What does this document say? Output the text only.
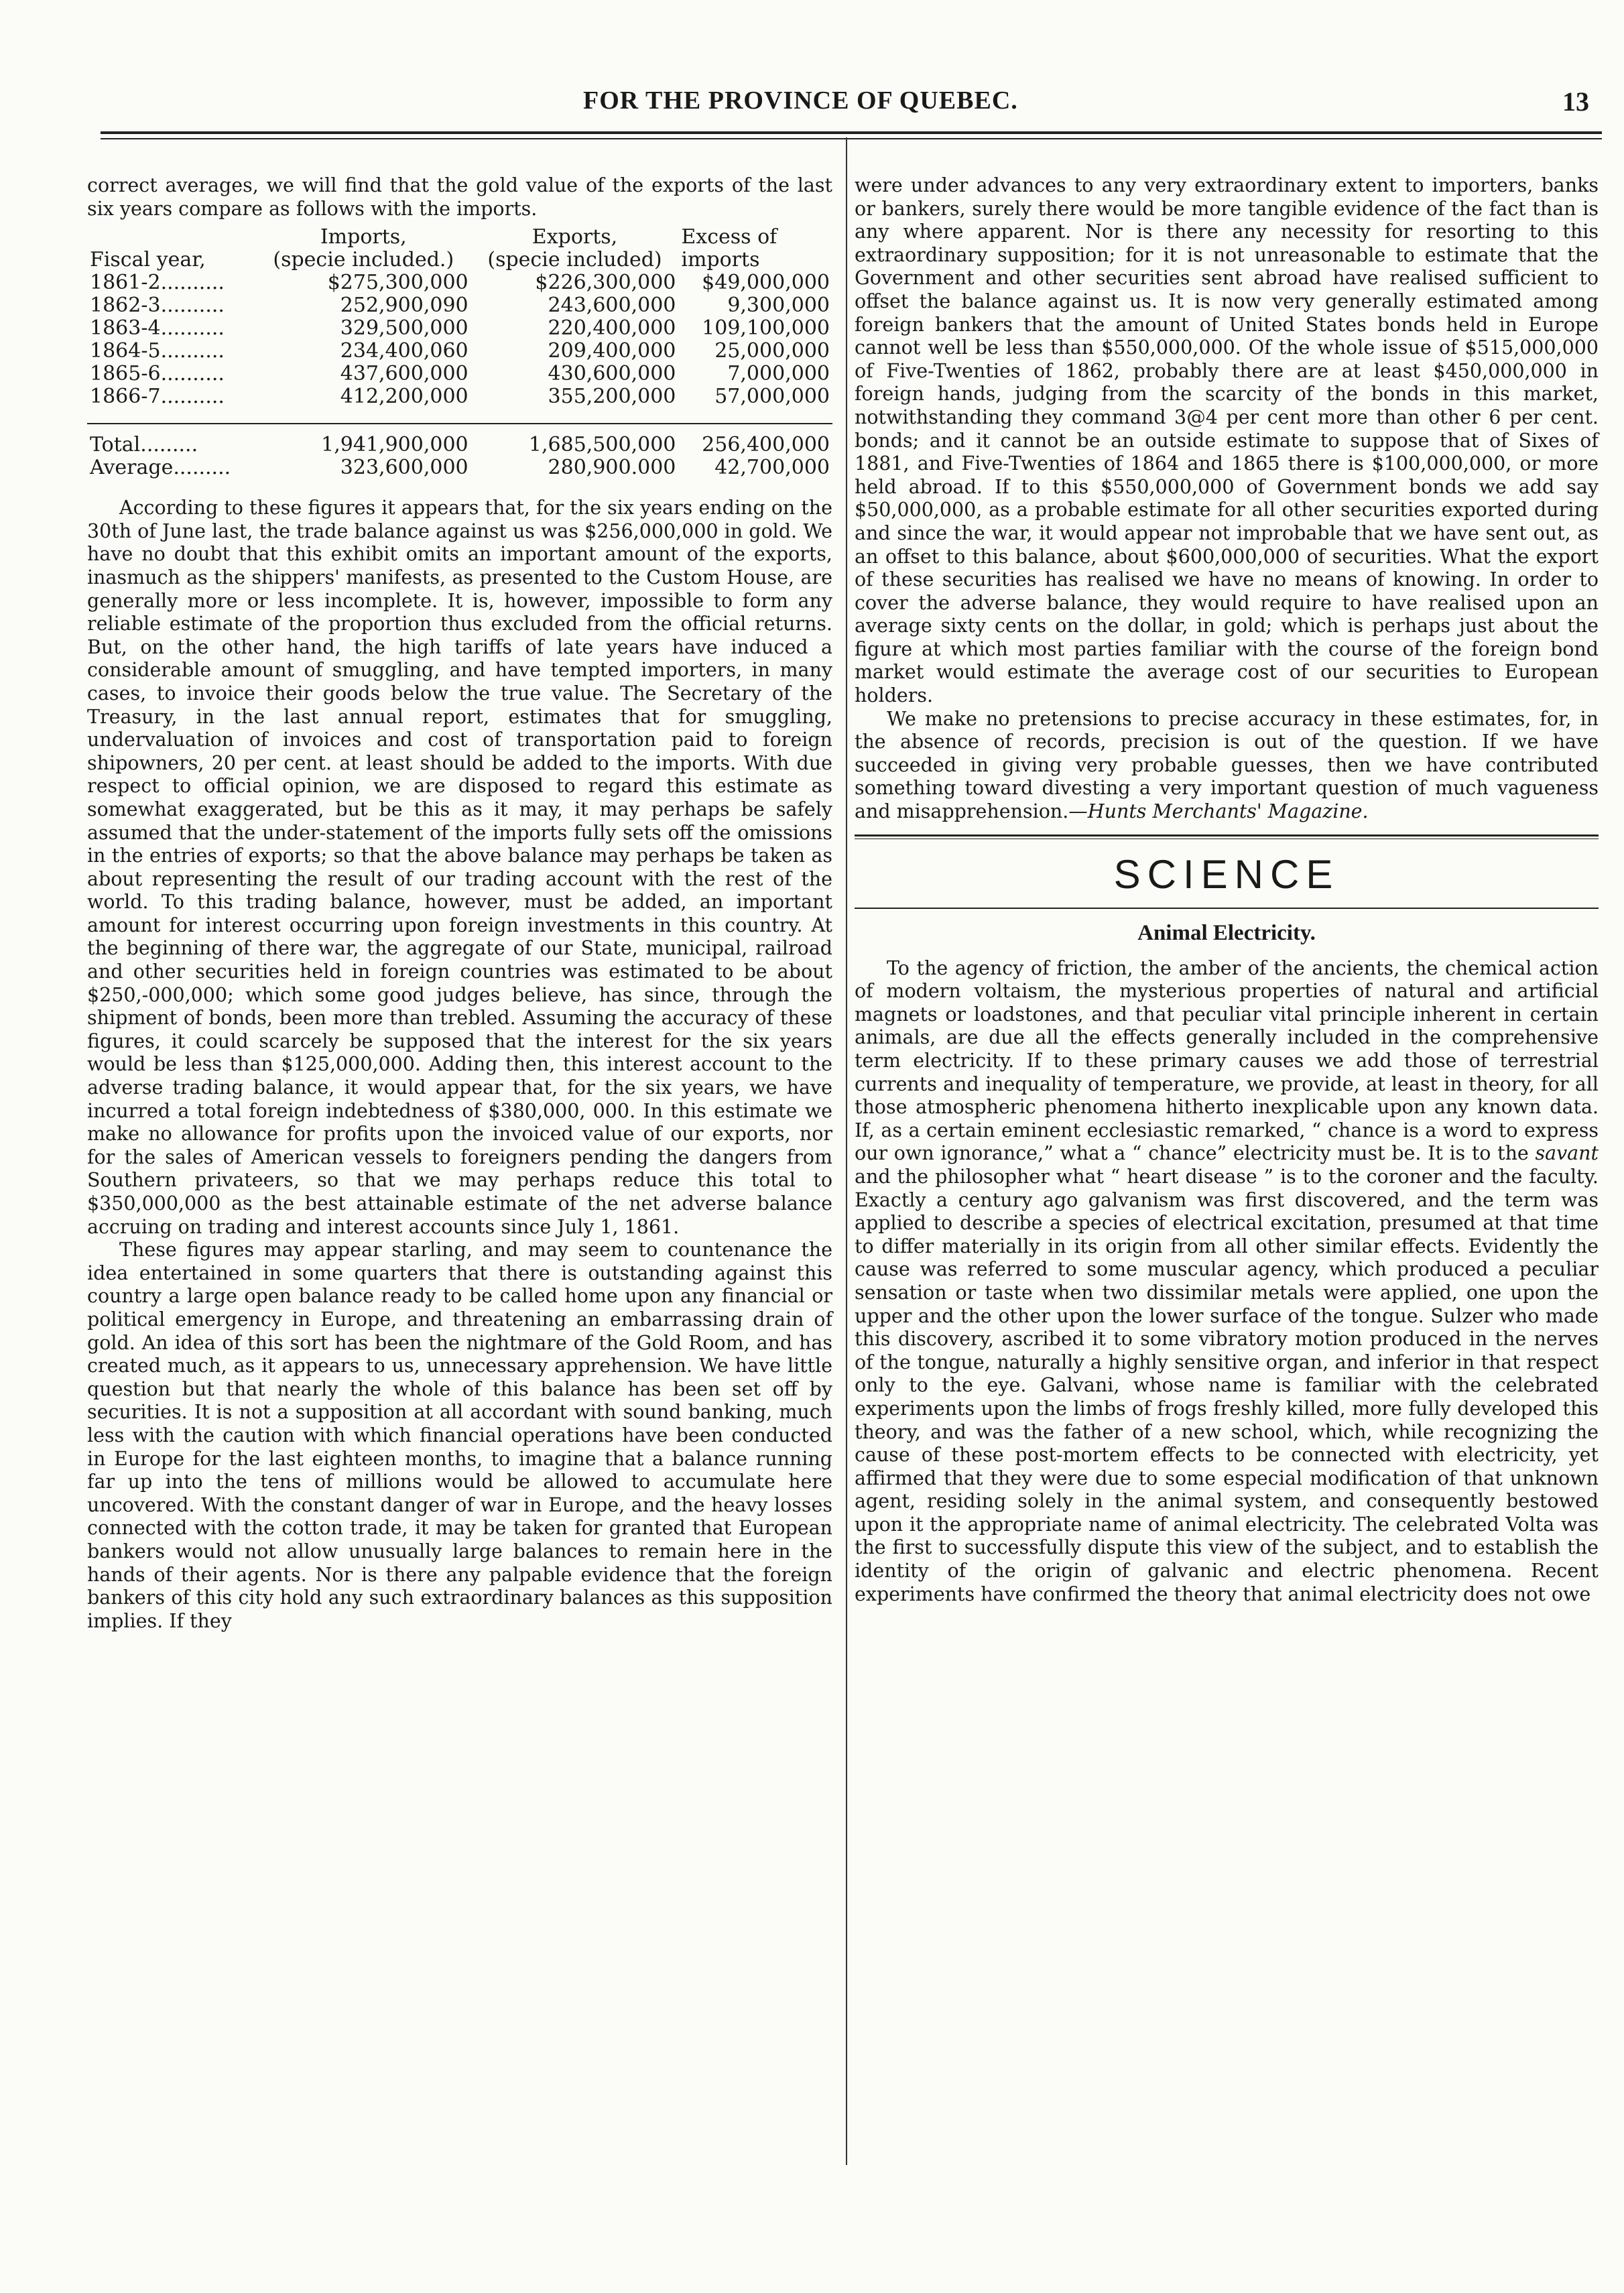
FOR THE PROVINCE OF QUEBEC.	13

correct averages, we will find that the gold value of the exports of the last six years compare as follows with the imports.

	Imports,	Exports,	Excess of
Fiscal year,	(specie included.)	(specie included)	imports
1861-2..........	$275,300,000	$226,300,000	$49,000,000
1862-3..........	252,900,090	243,600,000	9,300,000
1863-4..........	329,500,000	220,400,000	109,100,000
1864-5..........	234,400,060	209,400,000	25,000,000
1865-6..........	437,600,000	430,600,000	7,000,000
1866-7..........	412,200,000	355,200,000	57,000,000

Total.........	1,941,900,000	1,685,500,000	256,400,000
Average.........	323,600,000	280,900.000	42,700,000

According to these figures it appears that, for the six years ending on the 30th of June last, the trade balance against us was $256,000,000 in gold. We have no doubt that this exhibit omits an important amount of the exports, inasmuch as the shippers' manifests, as presented to the Custom House, are generally more or less incomplete. It is, however, impossible to form any reliable estimate of the proportion thus excluded from the official returns. But, on the other hand, the high tariffs of late years have induced a considerable amount of smuggling, and have tempted importers, in many cases, to invoice their goods below the true value. The Secretary of the Treasury, in the last annual report, estimates that for smuggling, undervaluation of invoices and cost of transportation paid to foreign shipowners, 20 per cent. at least should be added to the imports. With due respect to official opinion, we are disposed to regard this estimate as somewhat exaggerated, but be this as it may, it may perhaps be safely assumed that the under-statement of the imports fully sets off the omissions in the entries of exports; so that the above balance may perhaps be taken as about representing the result of our trading account with the rest of the world. To this trading balance, however, must be added, an important amount for interest occurring upon foreign investments in this country. At the beginning of there war, the aggregate of our State, municipal, railroad and other securities held in foreign countries was estimated to be about $250,-000,000; which some good judges believe, has since, through the shipment of bonds, been more than trebled. Assuming the accuracy of these figures, it could scarcely be supposed that the interest for the six years would be less than $125,000,000. Adding then, this interest account to the adverse trading balance, it would appear that, for the six years, we have incurred a total foreign indebtedness of $380,000, 000. In this estimate we make no allowance for profits upon the invoiced value of our exports, nor for the sales of American vessels to foreigners pending the dangers from Southern privateers, so that we may perhaps reduce this total to $350,000,000 as the best attainable estimate of the net adverse balance accruing on trading and interest accounts since July 1, 1861.

These figures may appear starling, and may seem to countenance the idea entertained in some quarters that there is outstanding against this country a large open balance ready to be called home upon any financial or political emergency in Europe, and threatening an embarrassing drain of gold. An idea of this sort has been the nightmare of the Gold Room, and has created much, as it appears to us, unnecessary apprehension. We have little question but that nearly the whole of this balance has been set off by securities. It is not a supposition at all accordant with sound banking, much less with the caution with which financial operations have been conducted in Europe for the last eighteen months, to imagine that a balance running far up into the tens of millions would be allowed to accumulate here uncovered. With the constant danger of war in Europe, and the heavy losses connected with the cotton trade, it may be taken for granted that European bankers would not allow unusually large balances to remain here in the hands of their agents. Nor is there any palpable evidence that the foreign bankers of this city hold any such extraordinary balances as this supposition implies. If they

were under advances to any very extraordinary extent to importers, banks or bankers, surely there would be more tangible evidence of the fact than is any where apparent. Nor is there any necessity for resorting to this extraordinary supposition; for it is not unreasonable to estimate that the Government and other securities sent abroad have realised sufficient to offset the balance against us. It is now very generally estimated among foreign bankers that the amount of United States bonds held in Europe cannot well be less than $550,000,000. Of the whole issue of $515,000,000 of Five-Twenties of 1862, probably there are at least $450,000,000 in foreign hands, judging from the scarcity of the bonds in this market, notwithstanding they command 3@4 per cent more than other 6 per cent. bonds; and it cannot be an outside estimate to suppose that of Sixes of 1881, and Five-Twenties of 1864 and 1865 there is $100,000,000, or more held abroad. If to this $550,000,000 of Government bonds we add say $50,000,000, as a probable estimate for all other securities exported during and since the war, it would appear not improbable that we have sent out, as an offset to this balance, about $600,000,000 of securities. What the export of these securities has realised we have no means of knowing. In order to cover the adverse balance, they would require to have realised upon an average sixty cents on the dollar, in gold; which is perhaps just about the figure at which most parties familiar with the course of the foreign bond market would estimate the average cost of our securities to European holders.

We make no pretensions to precise accuracy in these estimates, for, in the absence of records, precision is out of the question. If we have succeeded in giving very probable guesses, then we have contributed something toward divesting a very important question of much vagueness and misapprehension.—Hunts Merchants' Magazine.

SCIENCE
Animal Electricity.

To the agency of friction, the amber of the ancients, the chemical action of modern voltaism, the mysterious properties of natural and artificial magnets or loadstones, and that peculiar vital principle inherent in certain animals, are due all the effects generally included in the comprehensive term electricity. If to these primary causes we add those of terrestrial currents and inequality of temperature, we provide, at least in theory, for all those atmospheric phenomena hitherto inexplicable upon any known data. If, as a certain eminent ecclesiastic remarked, “ chance is a word to express our own ignorance,” what a “ chance” electricity must be. It is to the savant and the philosopher what “ heart disease ” is to the coroner and the faculty. Exactly a century ago galvanism was first discovered, and the term was applied to describe a species of electrical excitation, presumed at that time to differ materially in its origin from all other similar effects. Evidently the cause was referred to some muscular agency, which produced a peculiar sensation or taste when two dissimilar metals were applied, one upon the upper and the other upon the lower surface of the tongue. Sulzer who made this discovery, ascribed it to some vibratory motion produced in the nerves of the tongue, naturally a highly sensitive organ, and inferior in that respect only to the eye. Galvani, whose name is familiar with the celebrated experiments upon the limbs of frogs freshly killed, more fully developed this theory, and was the father of a new school, which, while recognizing the cause of these post-mortem effects to be connected with electricity, yet affirmed that they were due to some especial modification of that unknown agent, residing solely in the animal system, and consequently bestowed upon it the appropriate name of animal electricity. The celebrated Volta was the first to successfully dispute this view of the subject, and to establish the identity of the origin of galvanic and electric phenomena. Recent experiments have confirmed the theory that animal electricity does not owe
